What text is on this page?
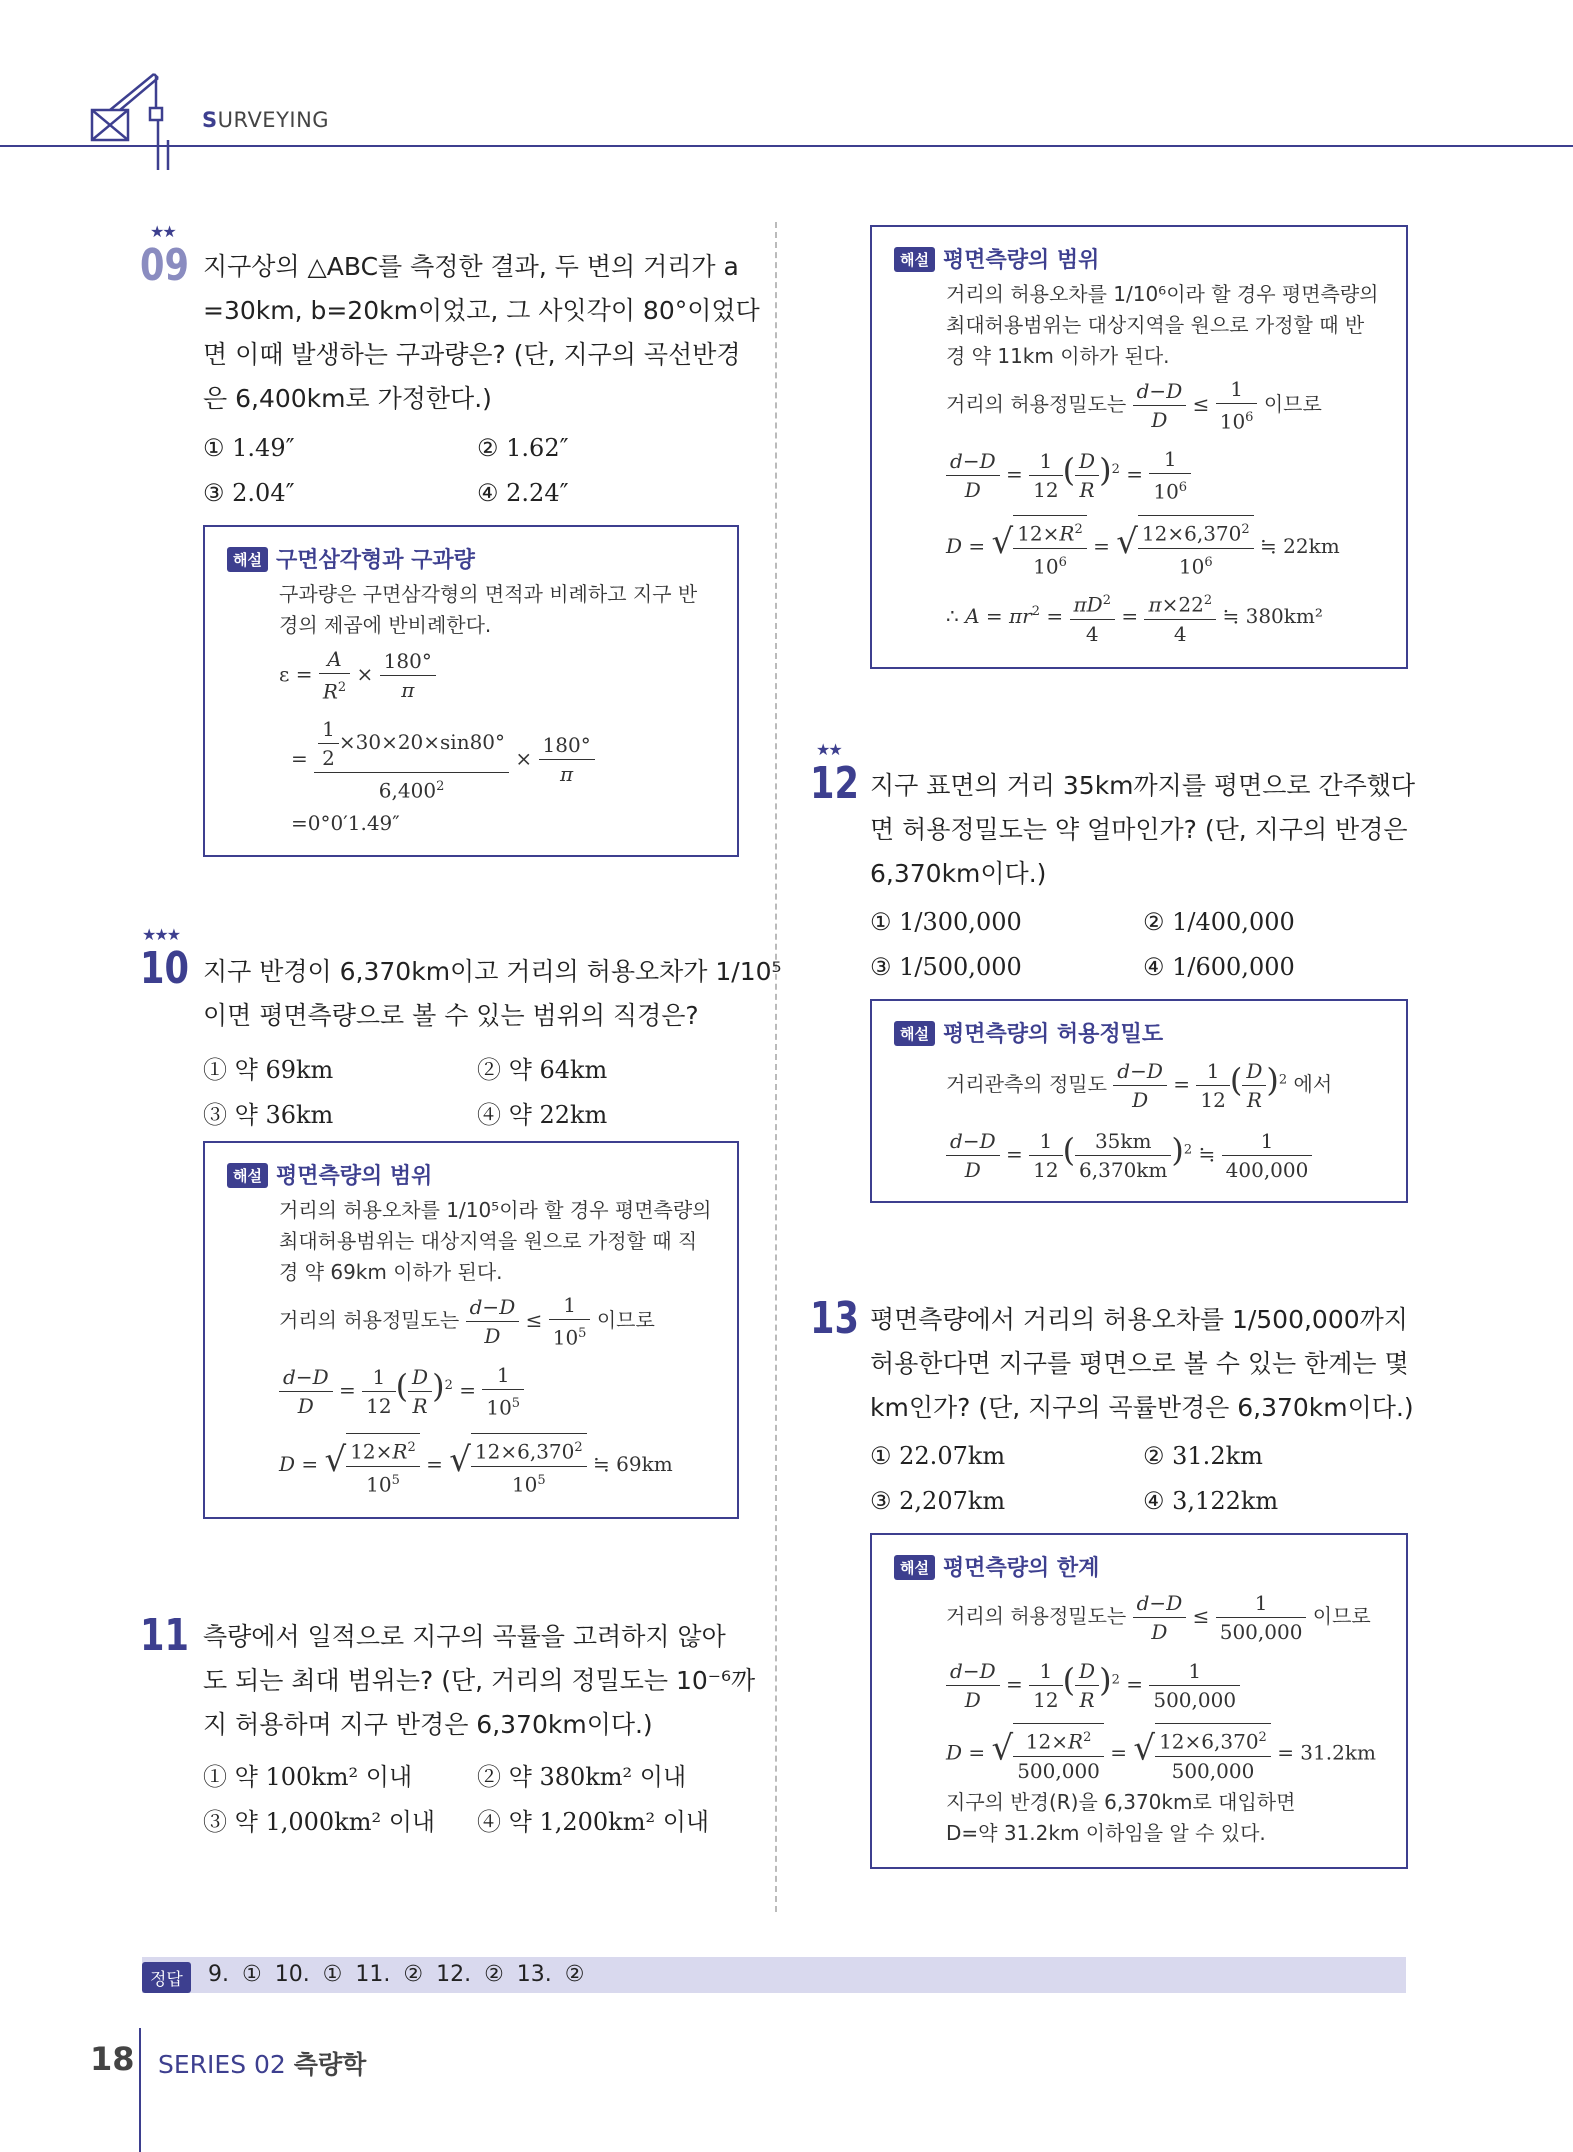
SURVEYING
★★
09 지구상의 △ABC를 측정한 결과, 두 변의 거리가 a
=30km, b=20km이었고, 그 사잇각이 80°이었다
면 이때 발생하는 구과량은? (단, 지구의 곡선반경
은 6,400km로 가정한다.)
① 1.49″	② 1.62″
③ 2.04″	④ 2.24″
해설 구면삼각형과 구과량
구과량은 구면삼각형의 면적과 비례하고 지구 반
경의 제곱에 반비례한다.
$\varepsilon = \frac{A}{R^2} \times \frac{180^\circ}{\pi}$
= $\frac{\frac{1}{2} \times 30\times 20\times\sin 80^\circ}{6,400^2} \times \frac{180^\circ}{\pi}$
=0°0′1.49″
★★★
10 지구 반경이 6,370km이고 거리의 허용오차가 1/10⁵
이면 평면측량으로 볼 수 있는 범위의 직경은?
① 약 69km	② 약 64km
③ 약 36km	④ 약 22km
해설 평면측량의 범위
거리의 허용오차를 1/10⁵이라 할 경우 평면측량의
최대허용범위는 대상지역을 원으로 가정할 때 직
경 약 69km 이하가 된다.
거리의 허용정밀도는 $\frac{d-D}{D} \le \frac{1}{10^5}$ 이므로
$\frac{d-D}{D} = \frac{1}{12}$ ( $\frac{D}{R} )^2 = \frac{1}{10^5}$
D = √ $\frac{12\times R^2}{10^5}$ = √ $\frac{12\times 6,370^2}{10^5}$ ≒ 69km
11 측량에서 일적으로 지구의 곡률을 고려하지 않아
도 되는 최대 범위는? (단, 거리의 정밀도는 10⁻⁶까
지 허용하며 지구 반경은 6,370km이다.)
① 약 100km² 이내	② 약 380km² 이내
③ 약 1,000km² 이내 ④ 약 1,200km² 이내
해설 평면측량의 범위
거리의 허용오차를 1/10⁶이라 할 경우 평면측량의
최대허용범위는 대상지역을 원으로 가정할 때 반
경 약 11km 이하가 된다.
거리의 허용정밀도는 $\frac{d-D}{D} \le \frac{1}{10^6}$ 이므로
$\frac{d-D}{D} = \frac{1}{12}$ ( $\frac{D}{R} )^2 = \frac{1}{10^6}$
D = √ $\frac{12\times R^2}{10^6}$ = √ $\frac{12\times 6,370^2}{10^6}$ ≒ 22km
∴ $A = \pi r^2 = \frac{\pi D^2}{4} = \frac{\pi\times 22^2}{4}$ ≒ 380km²
★★
12 지구 표면의 거리 35km까지를 평면으로 간주했다
면 허용정밀도는 약 얼마인가? (단, 지구의 반경은
6,370km이다.)
① 1/300,000	② 1/400,000
③ 1/500,000	④ 1/600,000
해설 평면측량의 허용정밀도
거리관측의 정밀도 $\frac{d-D}{D} = \frac{1}{12}$ ( $\frac{D}{R} )^2$ 에서
$\frac{d-D}{D} = \frac{1}{12}$ ( $\frac{35km}{6,370km} )^2$ ≒ $\frac{1}{400,000}$
13 평면측량에서 거리의 허용오차를 1/500,000까지
허용한다면 지구를 평면으로 볼 수 있는 한계는 몇
km인가? (단, 지구의 곡률반경은 6,370km이다.)
① 22.07km	② 31.2km
③ 2,207km	④ 3,122km
해설 평면측량의 한계
거리의 허용정밀도는 $\frac{d-D}{D} \le \frac{1}{500,000}$ 이므로
$\frac{d-D}{D} = \frac{1}{12}$ ( $\frac{D}{R} )^2 = \frac{1}{500,000}$
D = √ $\frac{12\times R^2}{500,000}$ = √ $\frac{12\times 6,370^2}{500,000} = 31.2km$
지구의 반경(R)을 6,370km로 대입하면
D=약 31.2km 이하임을 알 수 있다.
정답	9. ① 10. ① 11. ② 12. ② 13. ②
18 SERIES 02 측량학
